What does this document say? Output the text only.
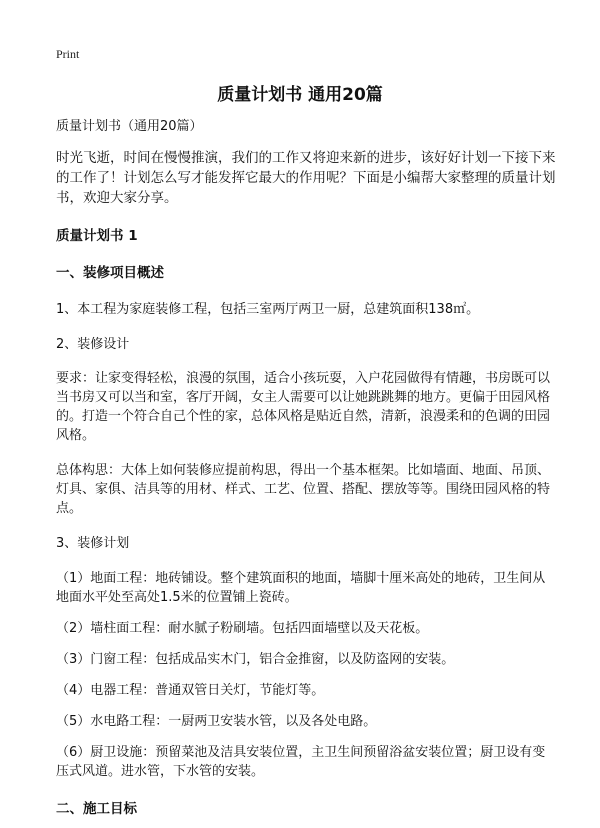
Print
质量计划书 通用20篇

质量计划书（通用20篇）

时光飞逝，时间在慢慢推演，我们的工作又将迎来新的进步，该好好计划一下接下来的工作了！计划怎么写才能发挥它最大的作用呢？下面是小编帮大家整理的质量计划书，欢迎大家分享。

质量计划书 1
一、装修项目概述

1、本工程为家庭装修工程，包括三室两厅两卫一厨，总建筑面积138㎡。

2、装修设计

要求：让家变得轻松，浪漫的氛围，适合小孩玩耍，入户花园做得有情趣，书房既可以当书房又可以当和室，客厅开阔，女主人需要可以让她跳跳舞的地方。更偏于田园风格的。打造一个符合自己个性的家，总体风格是贴近自然，清新，浪漫柔和的色调的田园风格。

总体构思：大体上如何装修应提前构思，得出一个基本框架。比如墙面、地面、吊顶、灯具、家俱、洁具等的用材、样式、工艺、位置、搭配、摆放等等。围绕田园风格的特点。

3、装修计划

（1）地面工程：地砖铺设。整个建筑面积的地面，墙脚十厘米高处的地砖，卫生间从地面水平处至高处1.5米的位置铺上瓷砖。

（2）墙柱面工程：耐水腻子粉刷墙。包括四面墙壁以及天花板。

（3）门窗工程：包括成品实木门，铝合金推窗，以及防盗网的安装。

（4）电器工程：普通双管日关灯，节能灯等。

（5）水电路工程：一厨两卫安装水管，以及各处电路。

（6）厨卫设施：预留菜池及洁具安装位置，主卫生间预留浴盆安装位置；厨卫设有变压式风道。进水管，下水管的安装。

二、施工目标
